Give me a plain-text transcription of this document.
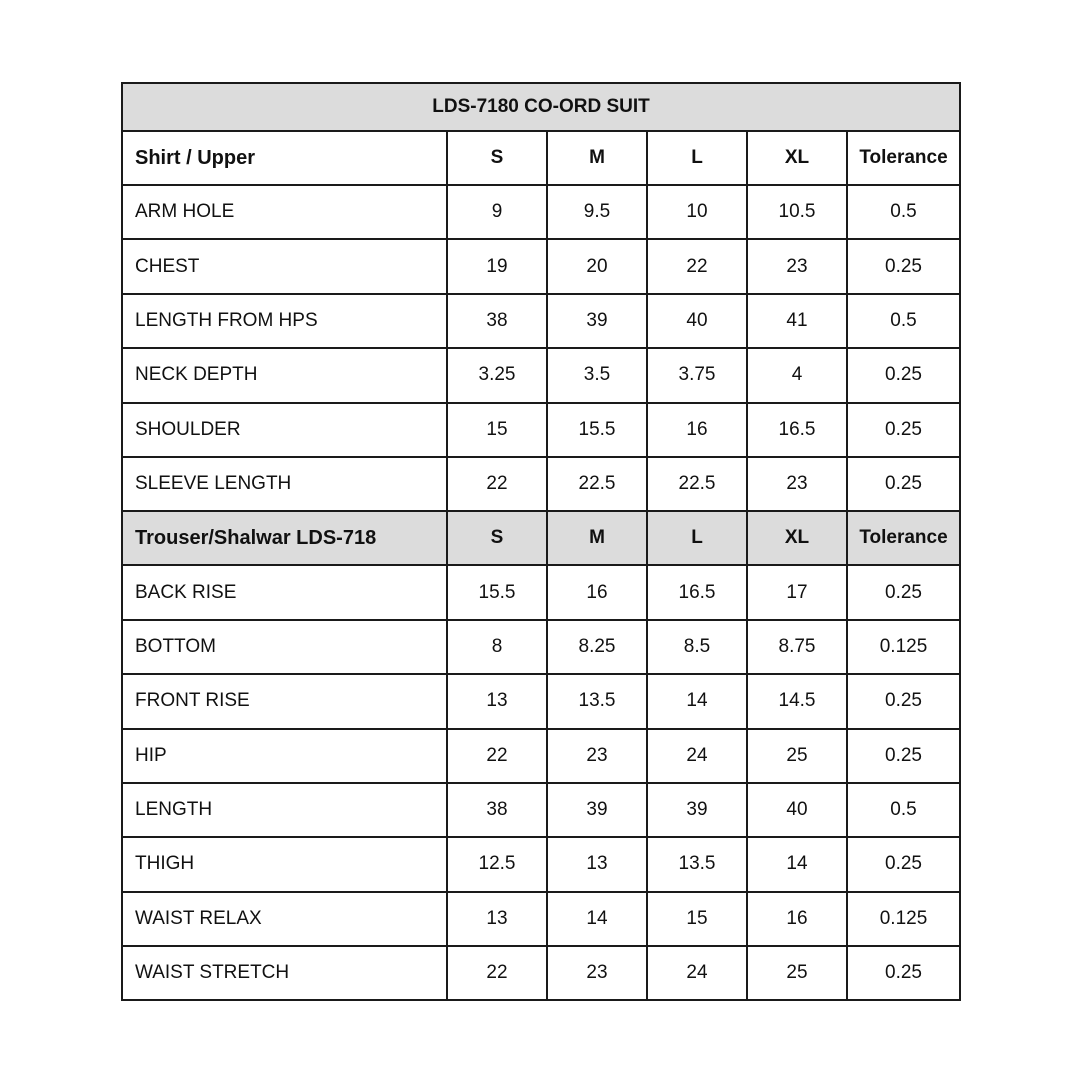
LDS-7180 CO-ORD SUIT					
Shirt / Upper	S	M	L	XL	Tolerance
ARM HOLE	9	9.5	10	10.5	0.5
CHEST	19	20	22	23	0.25
LENGTH FROM HPS	38	39	40	41	0.5
NECK DEPTH	3.25	3.5	3.75	4	0.25
SHOULDER	15	15.5	16	16.5	0.25
SLEEVE LENGTH	22	22.5	22.5	23	0.25
Trouser/Shalwar LDS-718	S	M	L	XL	Tolerance
BACK RISE	15.5	16	16.5	17	0.25
BOTTOM	8	8.25	8.5	8.75	0.125
FRONT RISE	13	13.5	14	14.5	0.25
HIP	22	23	24	25	0.25
LENGTH	38	39	39	40	0.5
THIGH	12.5	13	13.5	14	0.25
WAIST RELAX	13	14	15	16	0.125
WAIST STRETCH	22	23	24	25	0.25
